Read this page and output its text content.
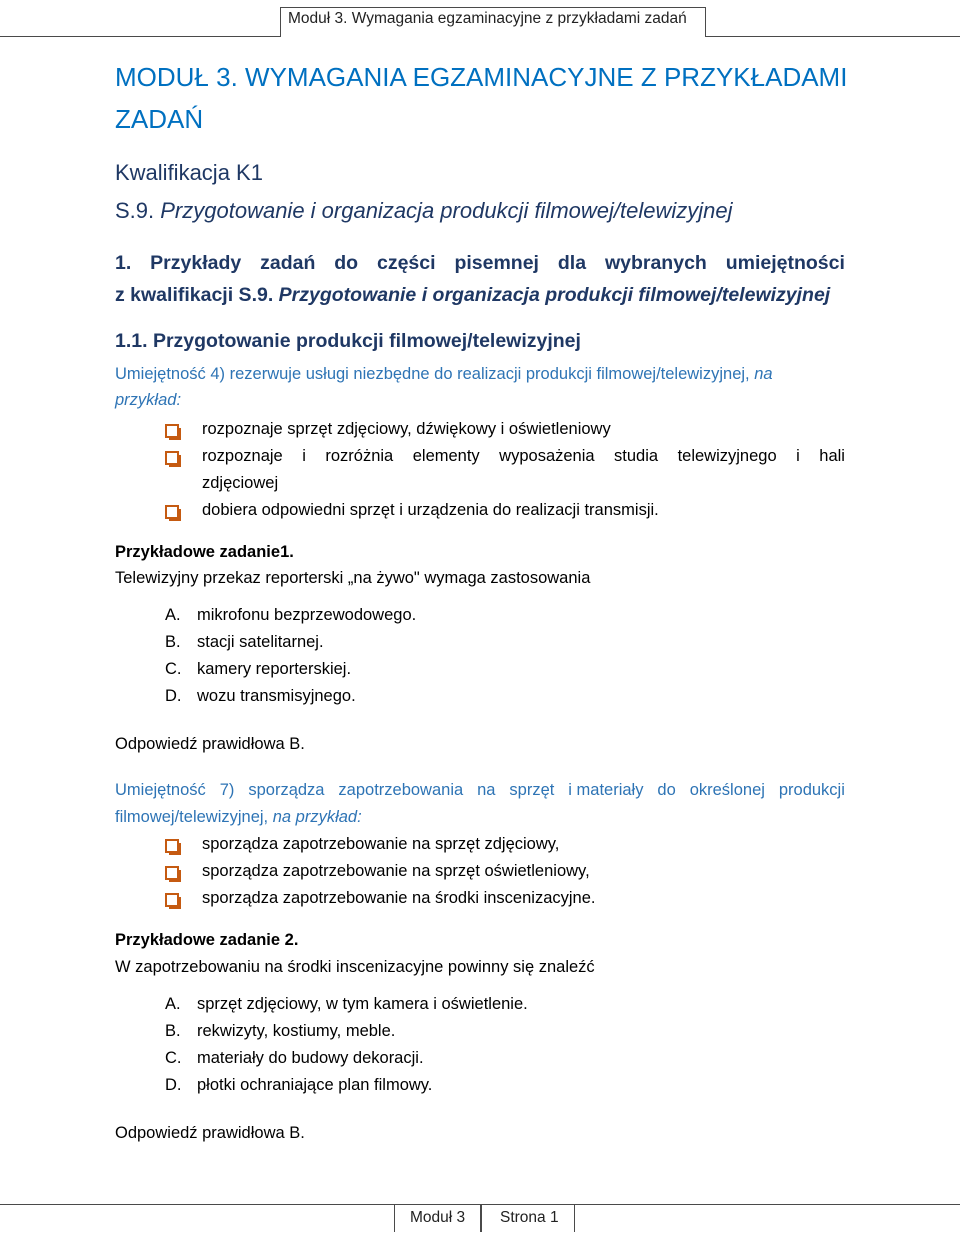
Moduł 3. Wymagania egzaminacyjne z przykładami zadań
MODUŁ 3. WYMAGANIA EGZAMINACYJNE Z PRZYKŁADAMI
ZADAŃ
Kwalifikacja K1
S.9. Przygotowanie i organizacja produkcji filmowej/telewizyjnej
1. Przykłady zadań do części pisemnej dla wybranych umiejętności
z kwalifikacji S.9. Przygotowanie i organizacja produkcji filmowej/telewizyjnej
1.1. Przygotowanie produkcji filmowej/telewizyjnej
Umiejętność 4) rezerwuje usługi niezbędne do realizacji produkcji filmowej/telewizyjnej, na
przykład:
rozpoznaje sprzęt zdjęciowy, dźwiękowy i oświetleniowy
rozpoznaje i rozróżnia elementy wyposażenia studia telewizyjnego i hali
zdjęciowej
dobiera odpowiedni sprzęt i urządzenia do realizacji transmisji.
Przykładowe zadanie1.
Telewizyjny przekaz reporterski „na żywo" wymaga zastosowania
A. mikrofonu bezprzewodowego.
B. stacji satelitarnej.
C. kamery reporterskiej.
D. wozu transmisyjnego.
Odpowiedź prawidłowa B.
Umiejętność 7) sporządza zapotrzebowania na sprzęt i materiały do określonej produkcji
filmowej/telewizyjnej, na przykład:
sporządza zapotrzebowanie na sprzęt zdjęciowy,
sporządza zapotrzebowanie na sprzęt oświetleniowy,
sporządza zapotrzebowanie na środki inscenizacyjne.
Przykładowe zadanie 2.
W zapotrzebowaniu na środki inscenizacyjne powinny się znaleźć
A. sprzęt zdjęciowy, w tym kamera i oświetlenie.
B. rekwizyty, kostiumy, meble.
C. materiały do budowy dekoracji.
D. płotki ochraniające plan filmowy.
Odpowiedź prawidłowa B.
Moduł 3 Strona 1
